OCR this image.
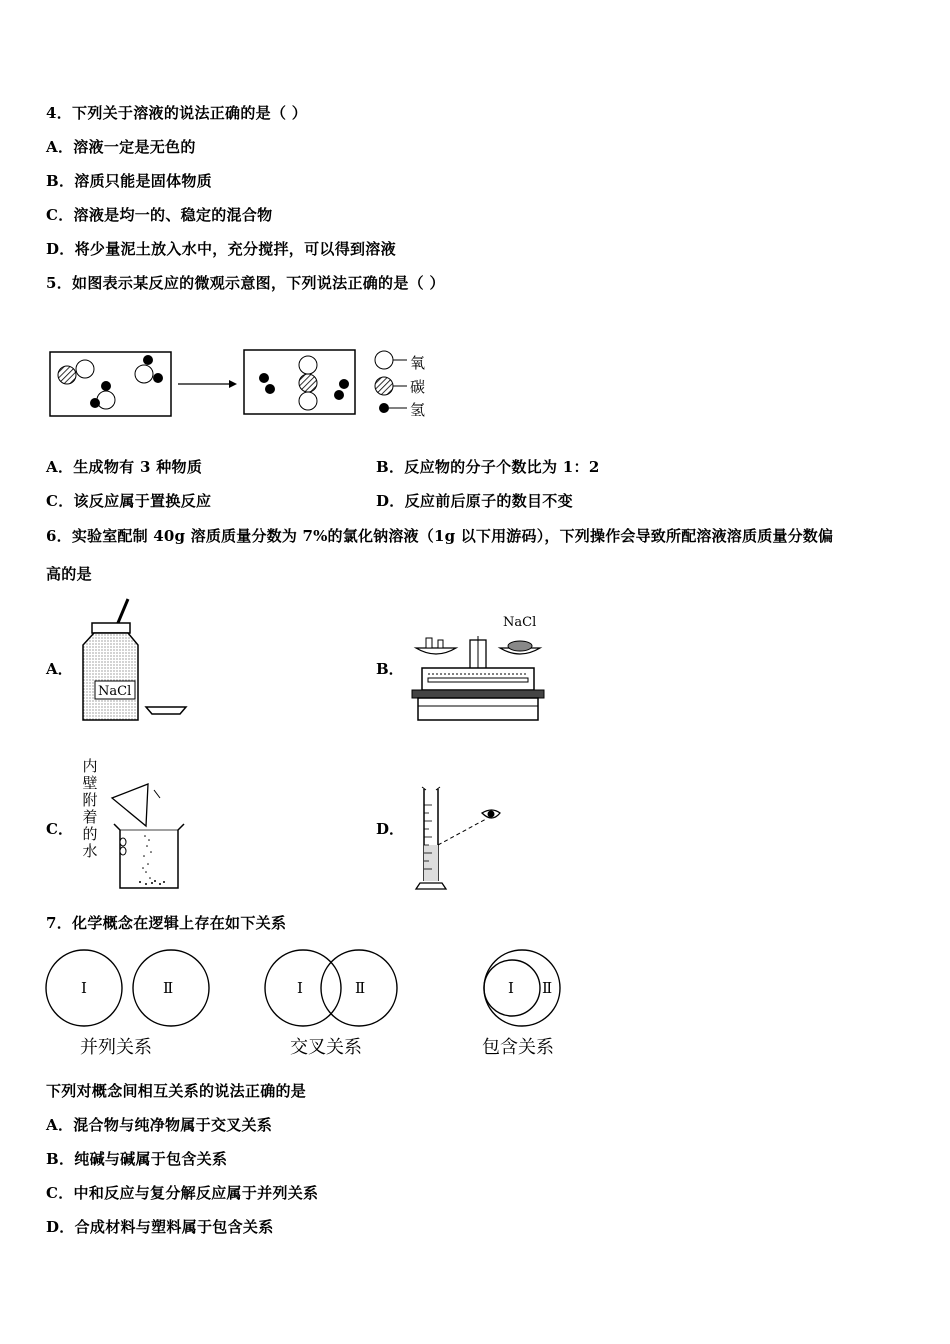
4．下列关于溶液的说法正确的是（ ）
A．溶液一定是无色的
B．溶质只能是固体物质
C．溶液是均一的、稳定的混合物
D．将少量泥土放入水中，充分搅拌，可以得到溶液
5．如图表示某反应的微观示意图，下列说法正确的是（ ）
氧
碳
氢
A．生成物有 3 种物质	B．反应物的分子个数比为 1：2
C．该反应属于置换反应	D．反应前后原子的数目不变
6．实验室配制 40g 溶质质量分数为 7%的氯化钠溶液（1g 以下用游码），下列操作会导致所配溶液溶质质量分数偏
高的是
A．
NaCl
B．
NaCl
C．
内
壁
附
着
的
水
D．
7．化学概念在逻辑上存在如下关系
Ⅰ	Ⅱ
并列关系
Ⅰ	Ⅱ
交叉关系
Ⅰ Ⅱ
包含关系
下列对概念间相互关系的说法正确的是
A．混合物与纯净物属于交叉关系
B．纯碱与碱属于包含关系
C．中和反应与复分解反应属于并列关系
D．合成材料与塑料属于包含关系
